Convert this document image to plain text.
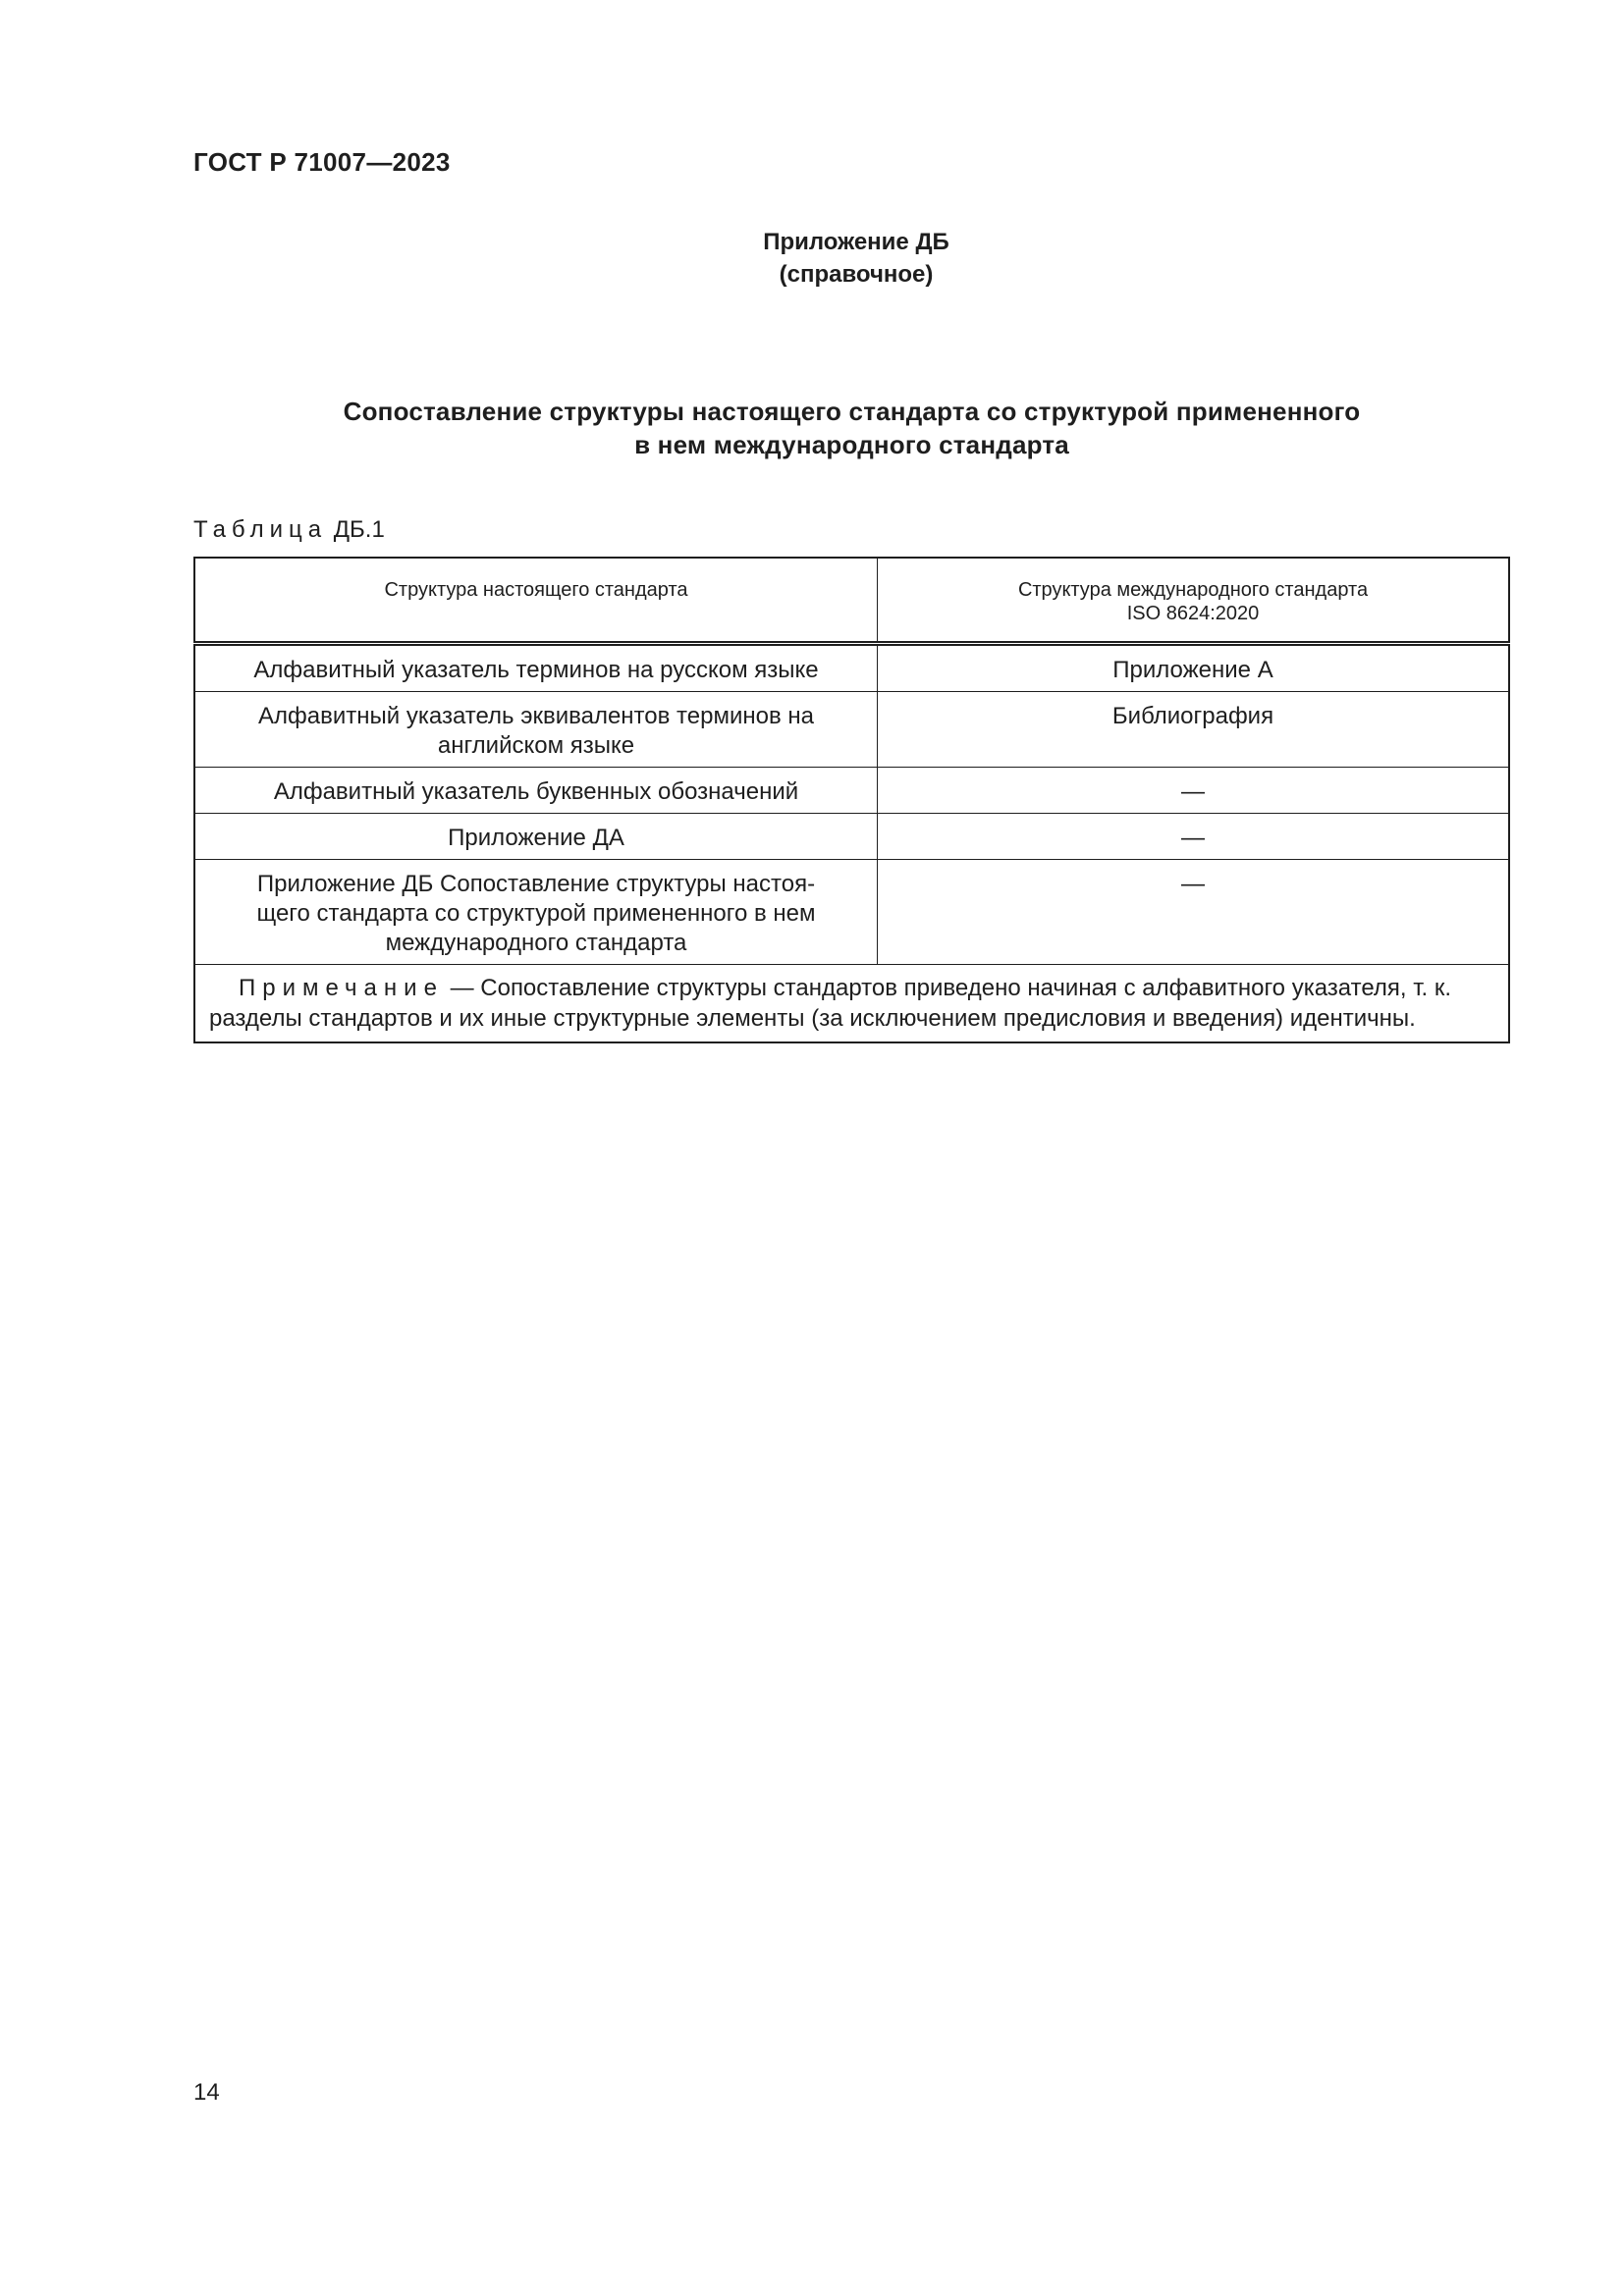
ГОСТ Р 71007—2023
Приложение ДБ
(справочное)
Сопоставление структуры настоящего стандарта со структурой примененного
в нем международного стандарта
Таблица ДБ.1
Структура настоящего стандарта	Структура международного стандарта
ISO 8624:2020

Алфавитный указатель терминов на русском языке	Приложение А

Алфавитный указатель эквивалентов терминов на
английском языке	Библиография

Алфавитный указатель буквенных обозначений	—

Приложение ДА	—

Приложение ДБ Сопоставление структуры настоя-
щего стандарта со структурой примененного в нем
международного стандарта	—
Примечание — Сопоставление структуры стандартов приведено начиная с алфавитного указателя, т. к. разделы стандартов и их иные структурные элементы (за исключением предисловия и введения) идентичны.	
14
